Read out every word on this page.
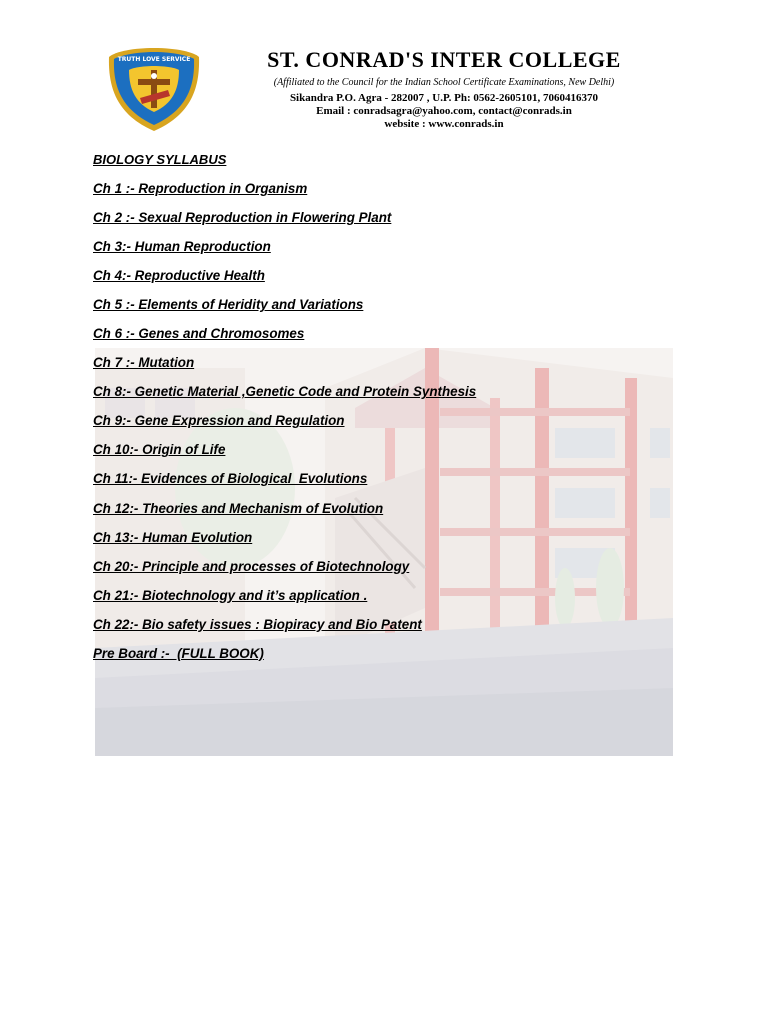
TRUTH LOVE SERVICE	ST. CONRAD'S INTER COLLEGE
(Affiliated to the Council for the Indian School Certificate Examinations, New Delhi)
Sikandra P.O. Agra - 282007 , U.P. Ph: 0562-2605101, 7060416370
Email : conradsagra@yahoo.com, contact@conrads.in
website : www.conrads.in
BIOLOGY SYLLABUS
Ch 1 :- Reproduction in Organism
Ch 2 :- Sexual Reproduction in Flowering Plant
Ch 3:- Human Reproduction
Ch 4:- Reproductive Health
Ch 5 :- Elements of Heridity and Variations
Ch 6 :- Genes and Chromosomes
Ch 7 :- Mutation
Ch 8:- Genetic Material ,Genetic Code and Protein Synthesis
Ch 9:- Gene Expression and Regulation
Ch 10:- Origin of Life
Ch 11:- Evidences of Biological  Evolutions
Ch 12:- Theories and Mechanism of Evolution
Ch 13:- Human Evolution
Ch 20:- Principle and processes of Biotechnology
Ch 21:- Biotechnology and it’s application .
Ch 22:- Bio safety issues : Biopiracy and Bio Patent
Pre Board :-  (FULL BOOK)
